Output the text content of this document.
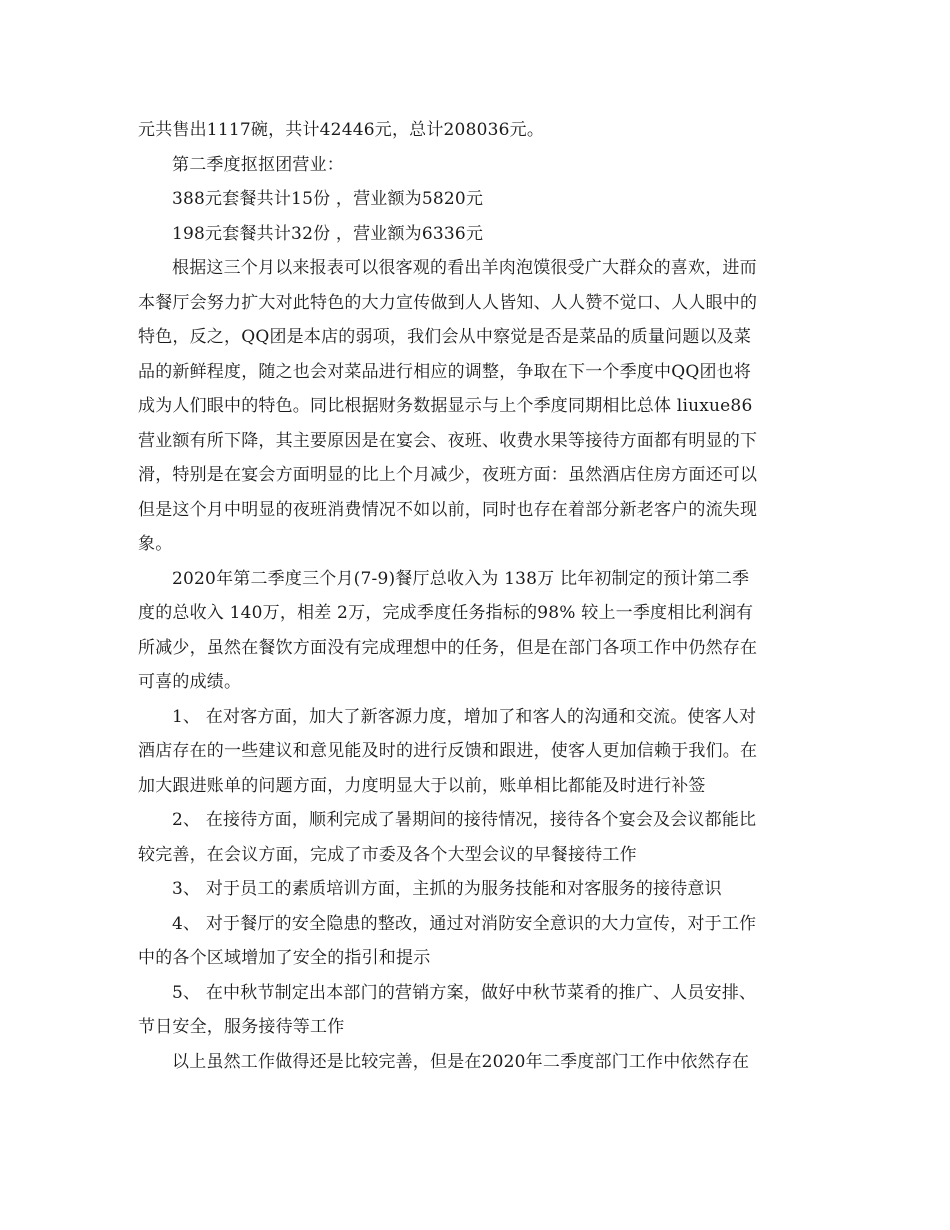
元共售出1117碗，共计42446元，总计208036元。
第二季度抠抠团营业：
388元套餐共计15份 ，营业额为5820元
198元套餐共计32份 ，营业额为6336元
根据这三个月以来报表可以很客观的看出羊肉泡馍很受广大群众的喜欢，进而
本餐厅会努力扩大对此特色的大力宣传做到人人皆知、人人赞不觉口、人人眼中的
特色，反之，QQ团是本店的弱项，我们会从中察觉是否是菜品的质量问题以及菜
品的新鲜程度，随之也会对菜品进行相应的调整，争取在下一个季度中QQ团也将
成为人们眼中的特色。同比根据财务数据显示与上个季度同期相比总体 liuxue86
营业额有所下降，其主要原因是在宴会、夜班、收费水果等接待方面都有明显的下
滑，特别是在宴会方面明显的比上个月减少，夜班方面：虽然酒店住房方面还可以
但是这个月中明显的夜班消费情况不如以前，同时也存在着部分新老客户的流失现
象。
2020年第二季度三个月(7-9)餐厅总收入为 138万 比年初制定的预计第二季
度的总收入 140万，相差 2万，完成季度任务指标的98% 较上一季度相比利润有
所减少，虽然在餐饮方面没有完成理想中的任务，但是在部门各项工作中仍然存在
可喜的成绩。
1、 在对客方面，加大了新客源力度，增加了和客人的沟通和交流。使客人对
酒店存在的一些建议和意见能及时的进行反馈和跟进，使客人更加信赖于我们。在
加大跟进账单的问题方面，力度明显大于以前，账单相比都能及时进行补签
2、 在接待方面，顺利完成了暑期间的接待情况，接待各个宴会及会议都能比
较完善，在会议方面，完成了市委及各个大型会议的早餐接待工作
3、 对于员工的素质培训方面，主抓的为服务技能和对客服务的接待意识
4、 对于餐厅的安全隐患的整改，通过对消防安全意识的大力宣传，对于工作
中的各个区域增加了安全的指引和提示
5、 在中秋节制定出本部门的营销方案，做好中秋节菜肴的推广、人员安排、
节日安全，服务接待等工作
以上虽然工作做得还是比较完善，但是在2020年二季度部门工作中依然存在
